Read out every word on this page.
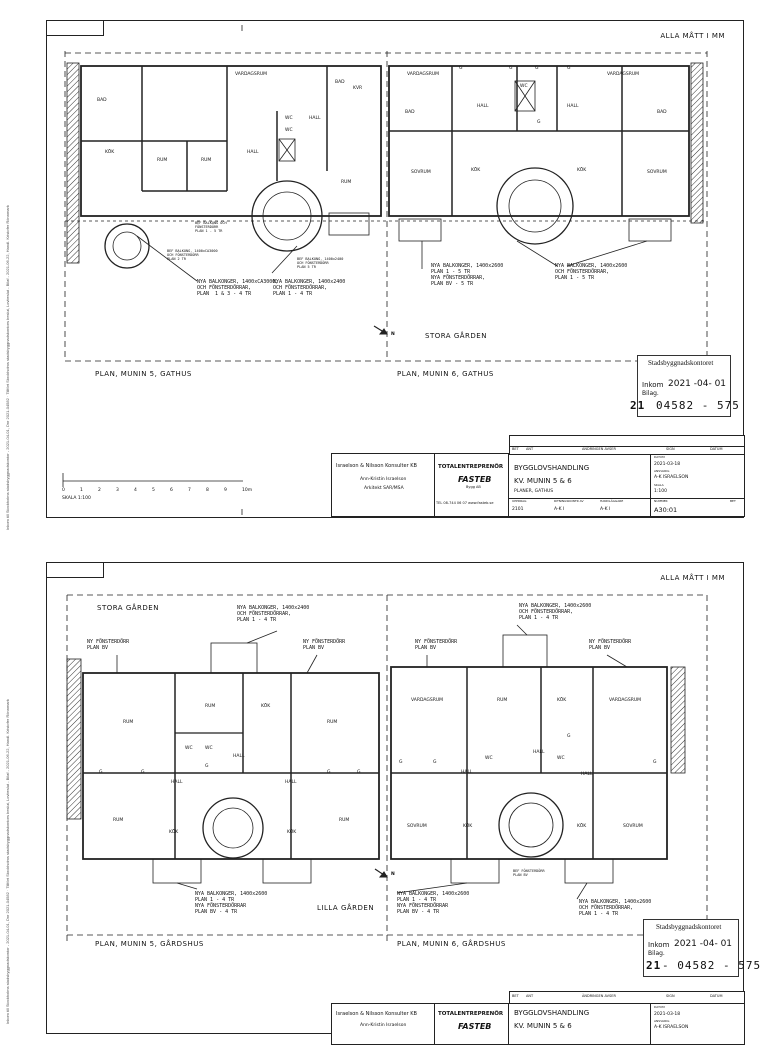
Inkom till Stockholms stadsbyggnadskontor - 2021-04-01, Dnr 2021-04582 · Tillfört Stockholms stadsbyggnadskontors beslut, Lovbeslut - Bilaf - 2021-06-22, Handl. Kristofer Rönnmark
Inkom till Stockholms stadsbyggnadskontor - 2021-04-01, Dnr 2021-04582 · Tillfört Stockholms stadsbyggnadskontors beslut, Lovbeslut - Bilaf - 2021-06-22, Handl. Kristofer Rönnmark
ALLA MÅTT I MM
VARDAGSRUM
BAD
BAD
KVR
WC
WC
HALL
HALL
KÖK
RUM	RUM
RUM
VARDAGSRUM	VARDAGSRUM
BAD	BAD
HALL	HALL
WC
SOVRUM	SOVRUM
KÖK	KÖK
G	G	G	G
G
NYA BALKONGER, 1400xCA3000,
OCH FÖNSTERDÖRRAR,
PLAN  1 & 3 - 4 TR
NYA BALKONGER, 1400x2400
OCH FÖNSTERDÖRRAR,
PLAN 1 - 4 TR
NYA BALKONGER, 1400x2600
PLAN 1 - 5 TR
NYA FÖNSTERDÖRRAR,
PLAN BV - 5 TR
NYA BALKONGER, 1400x2600
OCH FÖNSTERDÖRRAR,
PLAN 1 - 5 TR
BEF BALKONG OCH
FÖNSTERDÖRR
PLAN 1 - 5 TR
BEF BALKONG, 1400xCA3000
OCH FÖNSTERDÖRR
PLAN 2 TR	BEF BALKONG, 1400x2400
OCH FÖNSTERDÖRR
PLAN 5 TR
STORA GÅRDEN
N
PLAN, MUNIN 5, GATHUS	PLAN, MUNIN 6, GATHUS
0	1	2	3	4	5	6	7	8	9	10m
SKALA 1:100
Stadsbyggnadskontoret
Inkom 2021 -04- 01
Bilag.
21 04582 - 575
Israelson & Nilsson Konsulter KB
Ann-Kristin Israelson
Arkitekt SAR/MSA
TOTALENTREPRENÖR
FASTEB
Bygg AB
TEL 08-744 06 07 www.fasteb.se
BYGGLOVSHANDLING
KV. MUNIN 5 & 6
PLANER, GATHUS
UPPDRAG
2101
RITNINGSKONTR AV
A-K I
HANDLÄGGARE
A-K I
DATUM
2021-03-18
ANSVARIG
A-K ISRAELSON
SKALA
1:100
NUMMER
A30:01
BET
BET ANT	ÄNDRINGEN AVSER	SIGN	DATUM
ALLA MÅTT I MM
STORA GÅRDEN
LILLA GÅRDEN
N
PLAN, MUNIN 5, GÅRDSHUS	PLAN, MUNIN 6, GÅRDSHUS
NYA BALKONGER, 1400x2400
OCH FÖNSTERDÖRRAR,
PLAN 1 - 4 TR
NYA BALKONGER, 1400x2600
OCH FÖNSTERDÖRRAR,
PLAN 1 - 4 TR
NY FÖNSTERDÖRR
PLAN BV
NY FÖNSTERDÖRR
PLAN BV
NY FÖNSTERDÖRR
PLAN BV
NY FÖNSTERDÖRR
PLAN BV
NYA BALKONGER, 1400x2600
PLAN 1 - 4 TR
NYA FÖNSTERDÖRRAR
PLAN BV - 4 TR
NYA BALKONGER, 1400x2600
PLAN 1 - 4 TR
NYA FÖNSTERDÖRRAR
PLAN BV - 4 TR
NYA BALKONGER, 1400x2600
OCH FÖNSTERDÖRRAR,
PLAN 1 - 4 TR
BEF FÖNSTERDÖRR
PLAN BV
RUM
RUM
RUM
RUM	RUM
KÖK
KÖK	KÖK
WC	WC
HALL
HALL	HALL
G	G
G
G	G
VARDAGSRUM	VARDAGSRUM
RUM	KÖK
KÖK	KÖK
SOVRUM	SOVRUM
HALL
HALL	HALL
WC	WC
G	G
G
G
Stadsbyggnadskontoret
Inkom 2021 -04- 01
Bilag.
21 - 04582 - 575
BET ANT	ÄNDRINGEN AVSER	SIGN	DATUM
Israelson & Nilsson Konsulter KB
Ann-Kristin Israelson
TOTALENTREPRENÖR
FASTEB
BYGGLOVSHANDLING
KV. MUNIN 5 & 6
DATUM
2021-03-18
ANSVARIG
A-K ISRAELSON
